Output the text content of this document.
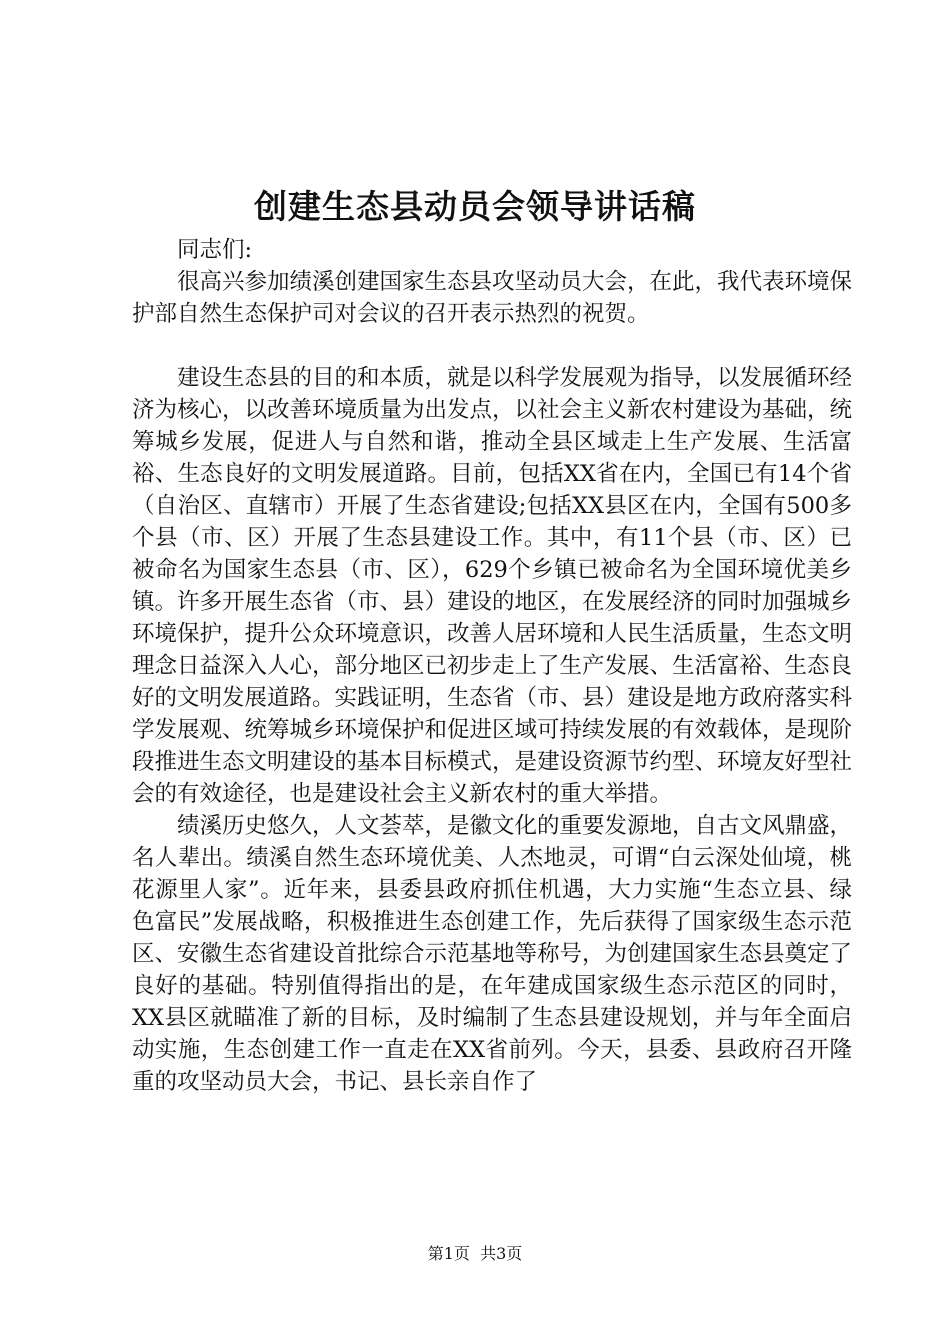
创建生态县动员会领导讲话稿

同志们:

很高兴参加绩溪创建国家生态县攻坚动员大会，在此，我代表环境保护部自然生态保护司对会议的召开表示热烈的祝贺。

建设生态县的目的和本质，就是以科学发展观为指导，以发展循环经济为核心，以改善环境质量为出发点，以社会主义新农村建设为基础，统筹城乡发展，促进人与自然和谐，推动全县区域走上生产发展、生活富裕、生态良好的文明发展道路。目前，包括XX省在内，全国已有14个省（自治区、直辖市）开展了生态省建设;包括XX县区在内，全国有500多个县（市、区）开展了生态县建设工作。其中，有11个县（市、区）已被命名为国家生态县（市、区），629个乡镇已被命名为全国环境优美乡镇。许多开展生态省（市、县）建设的地区，在发展经济的同时加强城乡环境保护，提升公众环境意识，改善人居环境和人民生活质量，生态文明理念日益深入人心，部分地区已初步走上了生产发展、生活富裕、生态良好的文明发展道路。实践证明，生态省（市、县）建设是地方政府落实科学发展观、统筹城乡环境保护和促进区域可持续发展的有效载体，是现阶段推进生态文明建设的基本目标模式，是建设资源节约型、环境友好型社会的有效途径，也是建设社会主义新农村的重大举措。

绩溪历史悠久，人文荟萃，是徽文化的重要发源地，自古文风鼎盛，名人辈出。绩溪自然生态环境优美、人杰地灵，可谓“白云深处仙境，桃花源里人家”。近年来，县委县政府抓住机遇，大力实施“生态立县、绿色富民”发展战略，积极推进生态创建工作，先后获得了国家级生态示范区、安徽生态省建设首批综合示范基地等称号，为创建国家生态县奠定了良好的基础。特别值得指出的是，在年建成国家级生态示范区的同时，XX县区就瞄准了新的目标，及时编制了生态县建设规划，并与年全面启动实施，生态创建工作一直走在XX省前列。今天，县委、县政府召开隆重的攻坚动员大会，书记、县长亲自作了

第1页 共3页
